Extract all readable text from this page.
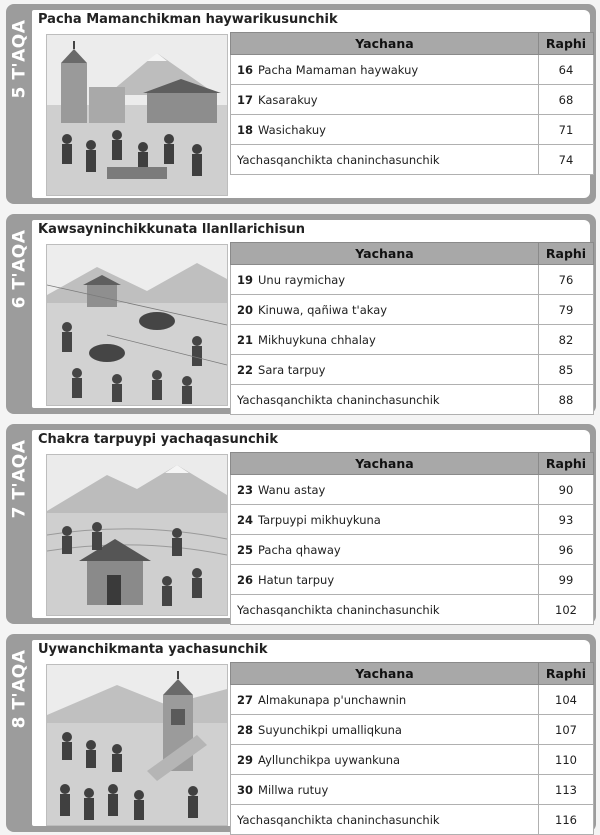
5 T'AQA
Pacha Mamanchikman haywarikusunchik
Yachana	Raphi
16 Pacha Mamaman haywakuy	64
17 Kasarakuy	68
18 Wasichakuy	71
Yachasqanchikta chaninchasunchik	74
6 T'AQA
Kawsayninchikkunata llanllarichisun
Yachana	Raphi
19 Unu raymichay	76
20 Kinuwa, qañiwa t'akay	79
21 Mikhuykuna chhalay	82
22 Sara tarpuy	85
Yachasqanchikta chaninchasunchik	88
7 T'AQA
Chakra tarpuypi yachaqasunchik
Yachana	Raphi
23 Wanu astay	90
24 Tarpuypi mikhuykuna	93
25 Pacha qhaway	96
26 Hatun tarpuy	99
Yachasqanchikta chaninchasunchik	102
8 T'AQA
Uywanchikmanta yachasunchik
Yachana	Raphi
27 Almakunapa p'unchawnin	104
28 Suyunchikpi umalliqkuna	107
29 Ayllunchikpa uywankuna	110
30 Millwa rutuy	113
Yachasqanchikta chaninchasunchik	116
